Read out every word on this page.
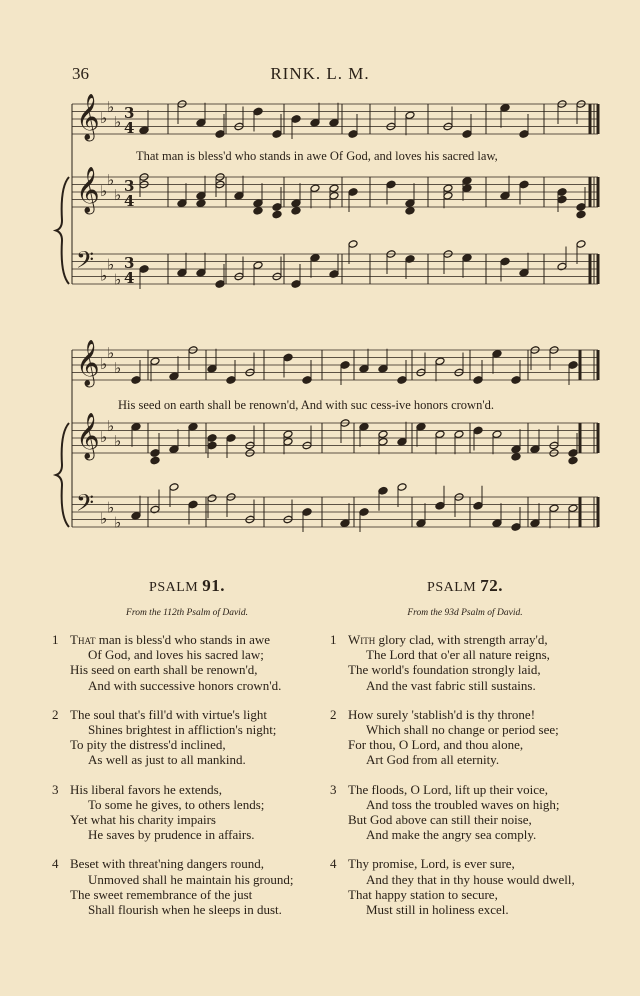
36	RINK. L. M.
𝄞 ♭
♭
♭ 3
4
𝄞 ♭
♭
♭ 3
4
𝄢 ♭
♭
♭
3
4
𝄞 ♭
♭
♭
𝄞 ♭
♭
♭
𝄢 ♭
♭
♭
That man is bless'd who stands in awe Of God, and loves his sacred law,
His seed on earth shall be renown'd, And with suc cess-ive honors crown'd.
PSALM 91.
From the 112th Psalm of David.
1 That man is bless'd who stands in awe
Of God, and loves his sacred law;
His seed on earth shall be renown'd,
And with successive honors crown'd.
2 The soul that's fill'd with virtue's light
Shines brightest in affliction's night;
To pity the distress'd inclined,
As well as just to all mankind.
3 His liberal favors he extends,
To some he gives, to others lends;
Yet what his charity impairs
He saves by prudence in affairs.
4 Beset with threat'ning dangers round,
Unmoved shall he maintain his ground;
The sweet remembrance of the just
Shall flourish when he sleeps in dust.
PSALM 72.
From the 93d Psalm of David.
1 With glory clad, with strength array'd,
The Lord that o'er all nature reigns,
The world's foundation strongly laid,
And the vast fabric still sustains.
2 How surely 'stablish'd is thy throne!
Which shall no change or period see;
For thou, O Lord, and thou alone,
Art God from all eternity.
3 The floods, O Lord, lift up their voice,
And toss the troubled waves on high;
But God above can still their noise,
And make the angry sea comply.
4 Thy promise, Lord, is ever sure,
And they that in thy house would dwell,
That happy station to secure,
Must still in holiness excel.
